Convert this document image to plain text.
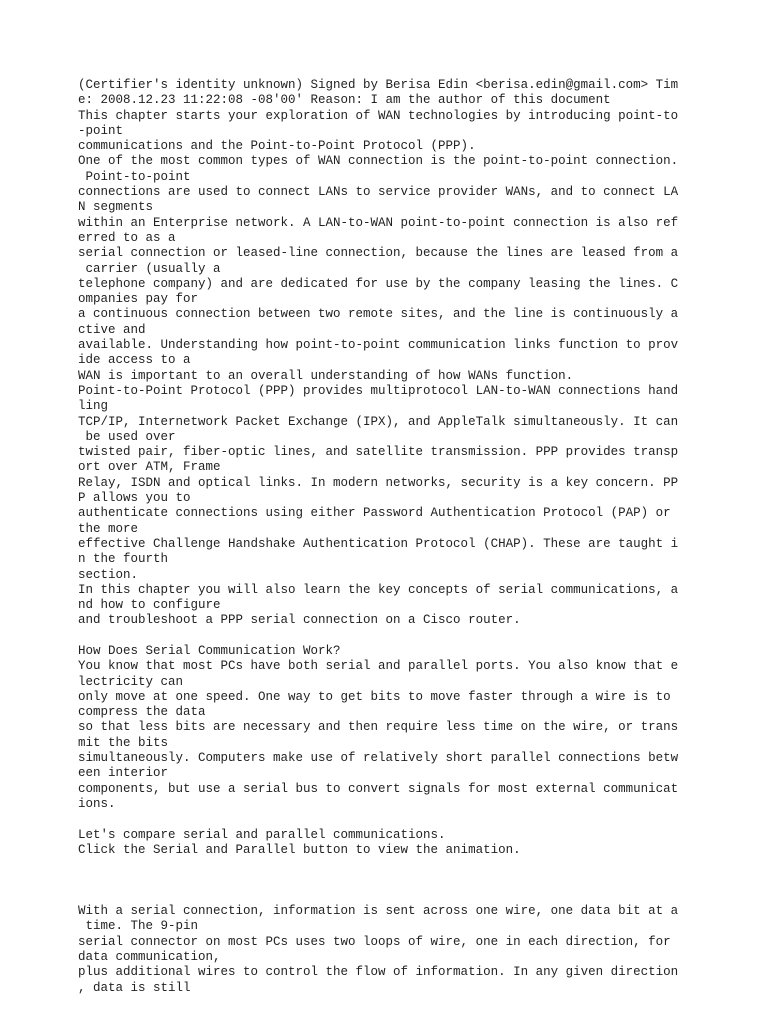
(Certifier's identity unknown) Signed by Berisa Edin <berisa.edin@gmail.com> Tim
e: 2008.12.23 11:22:08 -08'00' Reason: I am the author of this document
This chapter starts your exploration of WAN technologies by introducing point-to
-point
communications and the Point-to-Point Protocol (PPP).
One of the most common types of WAN connection is the point-to-point connection.
Point-to-point
connections are used to connect LANs to service provider WANs, and to connect LA
N segments
within an Enterprise network. A LAN-to-WAN point-to-point connection is also ref
erred to as a
serial connection or leased-line connection, because the lines are leased from a
carrier (usually a
telephone company) and are dedicated for use by the company leasing the lines. C
ompanies pay for
a continuous connection between two remote sites, and the line is continuously a
ctive and
available. Understanding how point-to-point communication links function to prov
ide access to a
WAN is important to an overall understanding of how WANs function.
Point-to-Point Protocol (PPP) provides multiprotocol LAN-to-WAN connections hand
ling
TCP/IP, Internetwork Packet Exchange (IPX), and AppleTalk simultaneously. It can
be used over
twisted pair, fiber-optic lines, and satellite transmission. PPP provides transp
ort over ATM, Frame
Relay, ISDN and optical links. In modern networks, security is a key concern. PP
P allows you to
authenticate connections using either Password Authentication Protocol (PAP) or
the more
effective Challenge Handshake Authentication Protocol (CHAP). These are taught i
n the fourth
section.
In this chapter you will also learn the key concepts of serial communications, a
nd how to configure
and troubleshoot a PPP serial connection on a Cisco router.
How Does Serial Communication Work?
You know that most PCs have both serial and parallel ports. You also know that e
lectricity can
only move at one speed. One way to get bits to move faster through a wire is to
compress the data
so that less bits are necessary and then require less time on the wire, or trans
mit the bits
simultaneously. Computers make use of relatively short parallel connections betw
een interior
components, but use a serial bus to convert signals for most external communicat
ions.
Let's compare serial and parallel communications.
Click the Serial and Parallel button to view the animation.
With a serial connection, information is sent across one wire, one data bit at a
time. The 9-pin
serial connector on most PCs uses two loops of wire, one in each direction, for
data communication,
plus additional wires to control the flow of information. In any given direction
, data is still
